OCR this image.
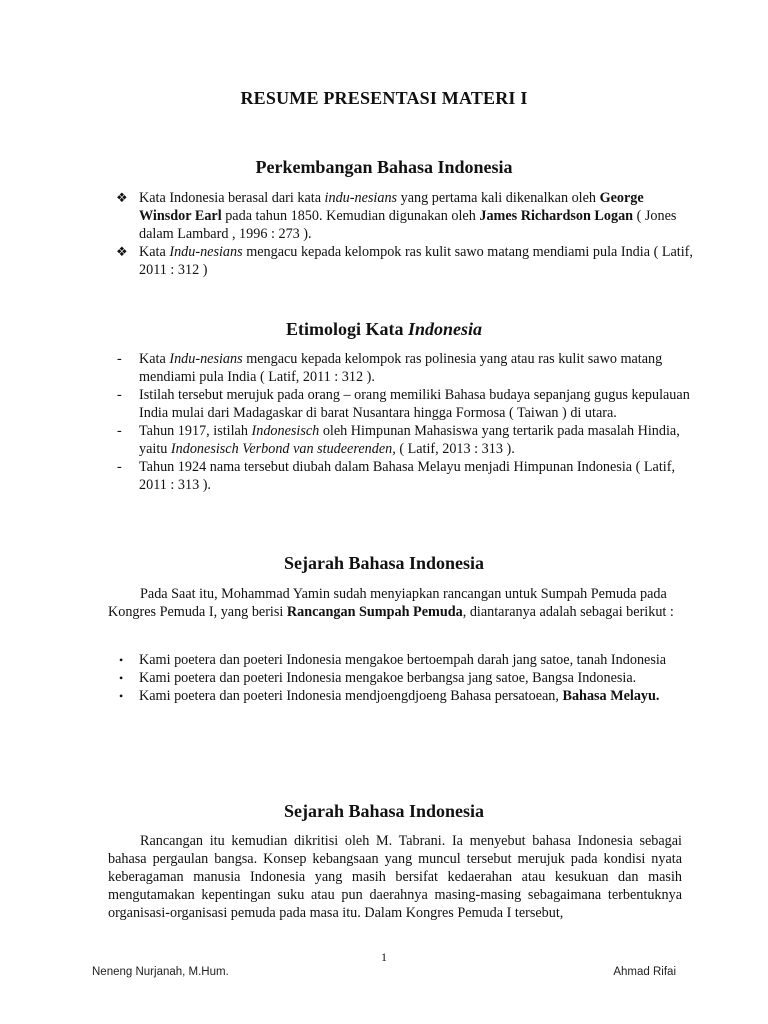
RESUME PRESENTASI MATERI I
Perkembangan Bahasa Indonesia
❖ Kata Indonesia berasal dari kata indu-nesians yang pertama kali dikenalkan oleh George Winsdor Earl pada tahun 1850. Kemudian digunakan oleh James Richardson Logan ( Jones dalam Lambard , 1996 : 273 ).
❖ Kata Indu-nesians mengacu kepada kelompok ras kulit sawo matang mendiami pula India ( Latif, 2011 : 312 )
Etimologi Kata Indonesia
-	Kata Indu-nesians mengacu kepada kelompok ras polinesia yang atau ras kulit sawo matang mendiami pula India ( Latif, 2011 : 312 ).
-	Istilah tersebut merujuk pada orang – orang memiliki Bahasa budaya sepanjang gugus kepulauan India mulai dari Madagaskar di barat Nusantara hingga Formosa ( Taiwan ) di utara.
-	Tahun 1917, istilah Indonesisch oleh Himpunan Mahasiswa yang tertarik pada masalah Hindia, yaitu Indonesisch Verbond van studeerenden, ( Latif, 2013 : 313 ).
-	Tahun 1924 nama tersebut diubah dalam Bahasa Melayu menjadi Himpunan Indonesia ( Latif, 2011 : 313 ).
Sejarah Bahasa Indonesia

Pada Saat itu, Mohammad Yamin sudah menyiapkan rancangan untuk Sumpah Pemuda pada Kongres Pemuda I, yang berisi Rancangan Sumpah Pemuda, diantaranya adalah sebagai berikut :

•	Kami poetera dan poeteri Indonesia mengakoe bertoempah darah jang satoe, tanah Indonesia
•	Kami poetera dan poeteri Indonesia mengakoe berbangsa jang satoe, Bangsa Indonesia.
•	Kami poetera dan poeteri Indonesia mendjoengdjoeng Bahasa persatoean, Bahasa Melayu.
Sejarah Bahasa Indonesia

Rancangan itu kemudian dikritisi oleh M. Tabrani. Ia menyebut bahasa Indonesia sebagai bahasa pergaulan bangsa. Konsep kebangsaan yang muncul tersebut merujuk pada kondisi nyata keberagaman manusia Indonesia yang masih bersifat kedaerahan atau kesukuan dan masih mengutamakan kepentingan suku atau pun daerahnya masing-masing sebagaimana terbentuknya organisasi-organisasi pemuda pada masa itu. Dalam Kongres Pemuda I tersebut,

1
Neneng Nurjanah, M.Hum.	Ahmad Rifai
